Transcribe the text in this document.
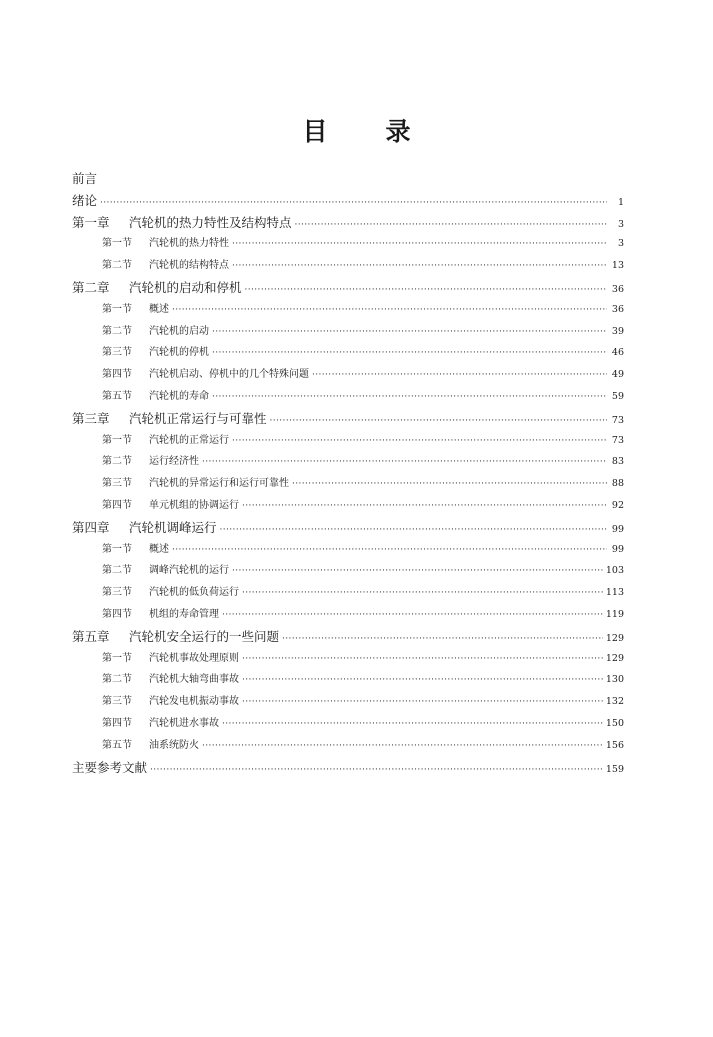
目 录
前言
绪论 ·····	1
第一章	汽轮机的热力特性及结构特点 ·····	3
第一节	汽轮机的热力特性 ·····	3
第二节	汽轮机的结构特点 ·····	13
第二章	汽轮机的启动和停机 ·····	36
第一节	概述 ·····	36
第二节	汽轮机的启动 ·····	39
第三节	汽轮机的停机 ·····	46
第四节	汽轮机启动、停机中的几个特殊问题 ·····	49
第五节	汽轮机的寿命 ·····	59
第三章	汽轮机正常运行与可靠性 ·····	73
第一节	汽轮机的正常运行 ·····	73
第二节	运行经济性 ·····	83
第三节	汽轮机的异常运行和运行可靠性 ·····	88
第四节	单元机组的协调运行 ·····	92
第四章	汽轮机调峰运行 ·····	99
第一节	概述 ·····	99
第二节	调峰汽轮机的运行 ·····	103
第三节	汽轮机的低负荷运行 ·····	113
第四节	机组的寿命管理 ·····	119
第五章	汽轮机安全运行的一些问题 ·····	129
第一节	汽轮机事故处理原则 ·····	129
第二节	汽轮机大轴弯曲事故 ·····	130
第三节	汽轮发电机振动事故 ·····	132
第四节	汽轮机进水事故 ·····	150
第五节	油系统防火 ·····	156
主要参考文献 ·····	159
